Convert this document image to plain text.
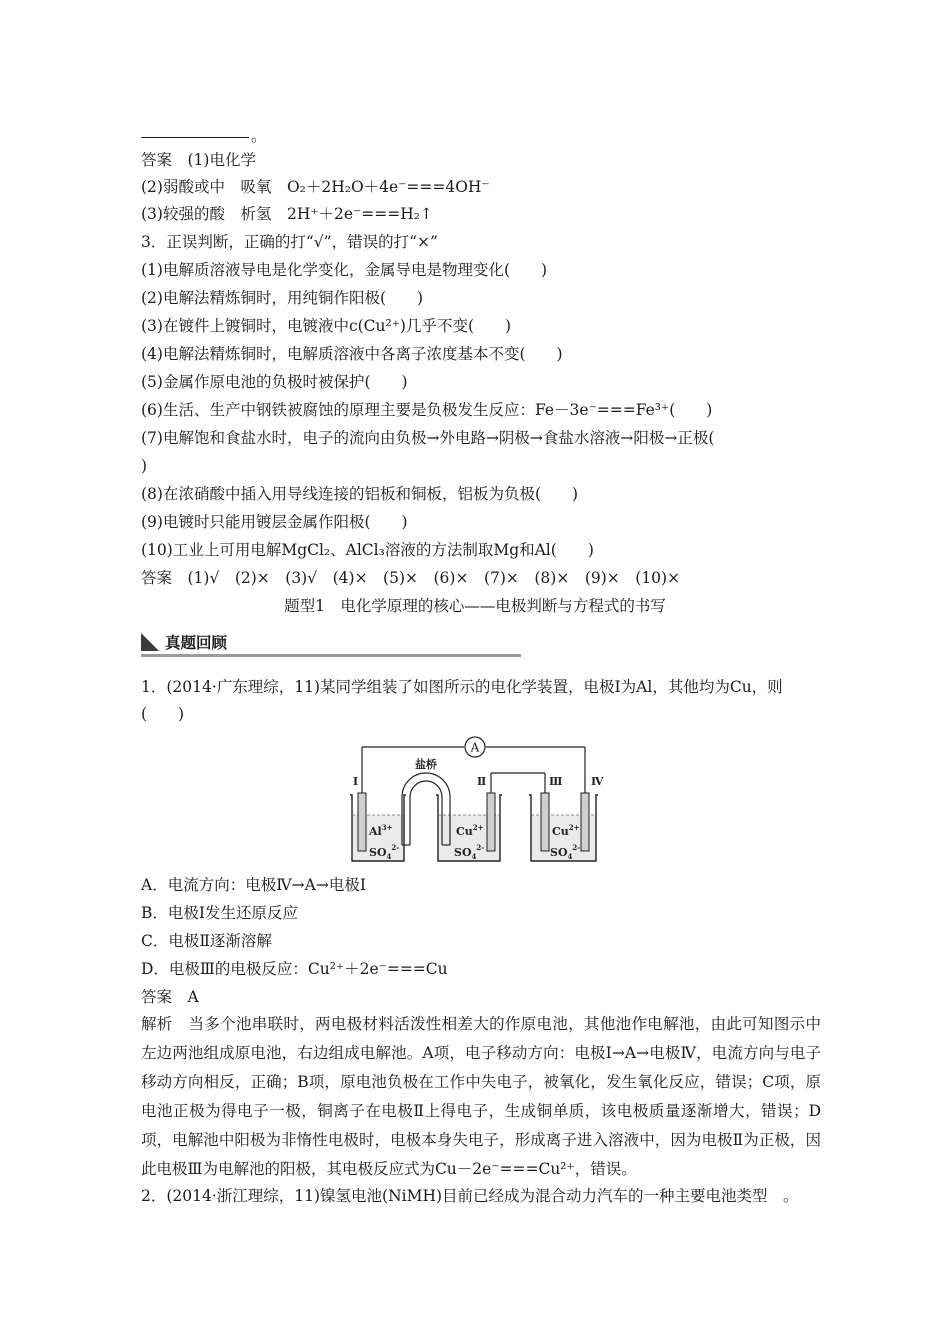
。
答案　(1)电化学
(2)弱酸或中　吸氧　O₂＋2H₂O＋4e⁻===4OH⁻
(3)较强的酸　析氢　2H⁺＋2e⁻===H₂↑
3．正误判断，正确的打“√”，错误的打“×”
(1)电解质溶液导电是化学变化，金属导电是物理变化(　　)
(2)电解法精炼铜时，用纯铜作阳极(　　)
(3)在镀件上镀铜时，电镀液中c(Cu²⁺)几乎不变(　　)
(4)电解法精炼铜时，电解质溶液中各离子浓度基本不变(　　)
(5)金属作原电池的负极时被保护(　　)
(6)生活、生产中钢铁被腐蚀的原理主要是负极发生反应：Fe－3e⁻===Fe³⁺(　　)
(7)电解饱和食盐水时，电子的流向由负极→外电路→阴极→食盐水溶液→阳极→正极(
)
(8)在浓硝酸中插入用导线连接的铝板和铜板，铝板为负极(　　)
(9)电镀时只能用镀层金属作阳极(　　)
(10)工业上可用电解MgCl₂、AlCl₃溶液的方法制取Mg和Al(　　)
答案　(1)√　(2)×　(3)√　(4)×　(5)×　(6)×　(7)×　(8)×　(9)×　(10)×
题型1　电化学原理的核心——电极判断与方程式的书写
真题回顾
1．(2014·广东理综，11)某同学组装了如图所示的电化学装置，电极Ⅰ为Al，其他均为Cu，则
(　　)
A
盐桥
Ⅰ	Ⅱ	Ⅲ	Ⅳ
$Al^{3+}$
$SO_4^{2-}$
$Cu^{2+}$
$SO_4^{2-}$
$Cu^{2+}$
$SO_4^{2-}$
A．电流方向：电极Ⅳ→A→电极Ⅰ
B．电极Ⅰ发生还原反应
C．电极Ⅱ逐渐溶解
D．电极Ⅲ的电极反应：Cu²⁺＋2e⁻===Cu
答案　A
解析　当多个池串联时，两电极材料活泼性相差大的作原电池，其他池作电解池，由此可知图示中左边两池组成原电池，右边组成电解池。A项，电子移动方向：电极Ⅰ→A→电极Ⅳ，电流方向与电子移动方向相反，正确；B项，原电池负极在工作中失电子，被氧化，发生氧化反应，错误；C项，原电池正极为得电子一极，铜离子在电极Ⅱ上得电子，生成铜单质，该电极质量逐渐增大，错误；D项，电解池中阳极为非惰性电极时，电极本身失电子，形成离子进入溶液中，因为电极Ⅱ为正极，因此电极Ⅲ为电解池的阳极，其电极反应式为Cu－2e⁻===Cu²⁺，错误。
2．(2014·浙江理综，11)镍氢电池(NiMH)目前已经成为混合动力汽车的一种主要电池类型　。
